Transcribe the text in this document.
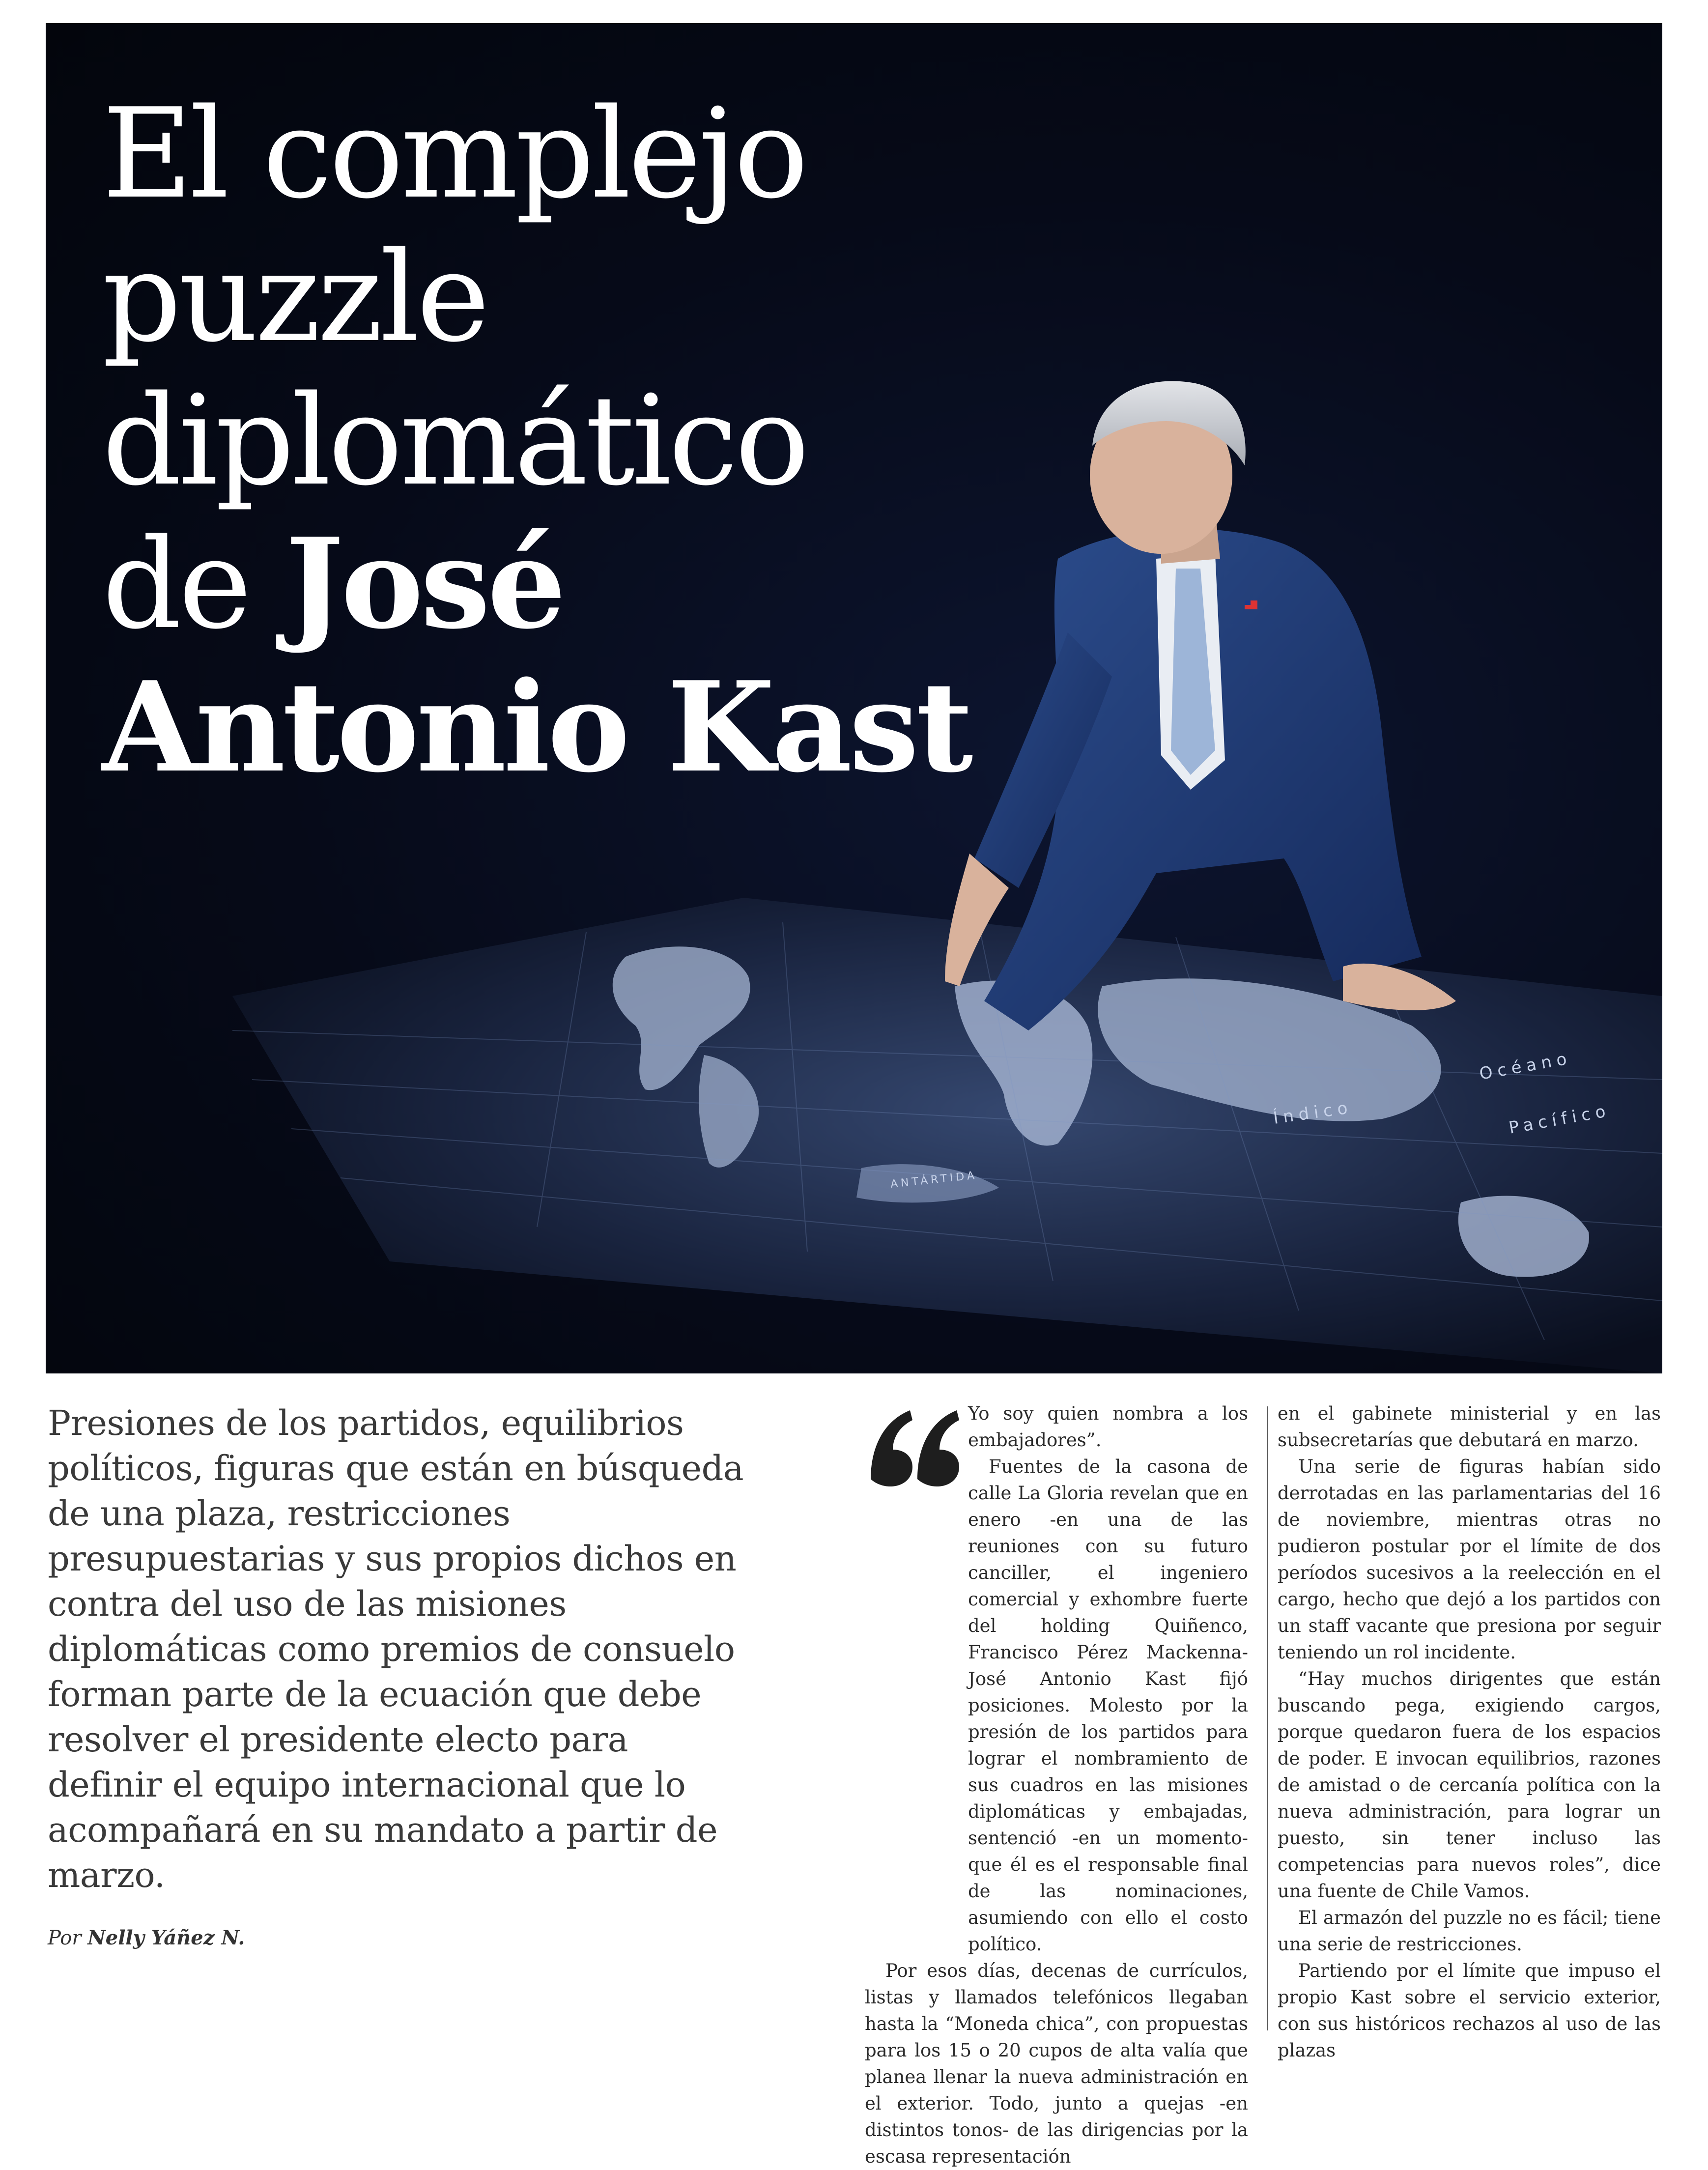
ANTÁRTIDA
Océano
Índico	Pacífico
El complejo
puzzle
diplomático
de José
Antonio Kast

Presiones de los partidos, equilibrios políticos, figuras que están en búsqueda de una plaza, restricciones presupuestarias y sus propios dichos en contra del uso de las misiones diplomáticas como premios de consuelo forman parte de la ecuación que debe resolver el presidente electo para definir el equipo internacional que lo acompañará en su mandato a partir de marzo.

Por Nelly Yáñez N.

Yo soy quien nombra a los embajadores”.

Fuentes de la casona de calle La Gloria revelan que en enero -en una de las reuniones con su futuro canciller, el ingeniero comercial y exhombre fuerte del holding Quiñenco, Francisco Pérez Mackenna- José Antonio Kast fijó posiciones. Molesto por la presión de los partidos para lograr el nombramiento de sus cuadros en las misiones diplomáticas y embajadas, sentenció -en un momento- que él es el responsable final de las nominaciones, asumiendo con ello el costo político.

Por esos días, decenas de currículos, listas y llamados telefónicos llegaban hasta la “Moneda chica”, con propuestas para los 15 o 20 cupos de alta valía que planea llenar la nueva administración en el exterior. Todo, junto a quejas -en distintos tonos- de las dirigencias por la escasa representación

en el gabinete ministerial y en las subsecretarías que debutará en marzo.

Una serie de figuras habían sido derrotadas en las parlamentarias del 16 de noviembre, mientras otras no pudieron postular por el límite de dos períodos sucesivos a la reelección en el cargo, hecho que dejó a los partidos con un staff vacante que presiona por seguir teniendo un rol incidente.

“Hay muchos dirigentes que están buscando pega, exigiendo cargos, porque quedaron fuera de los espacios de poder. E invocan equilibrios, razones de amistad o de cercanía política con la nueva administración, para lograr un puesto, sin tener incluso las competencias para nuevos roles”, dice una fuente de Chile Vamos.

El armazón del puzzle no es fácil; tiene una serie de restricciones.

Partiendo por el límite que impuso el propio Kast sobre el servicio exterior, con sus históricos rechazos al uso de las plazas
